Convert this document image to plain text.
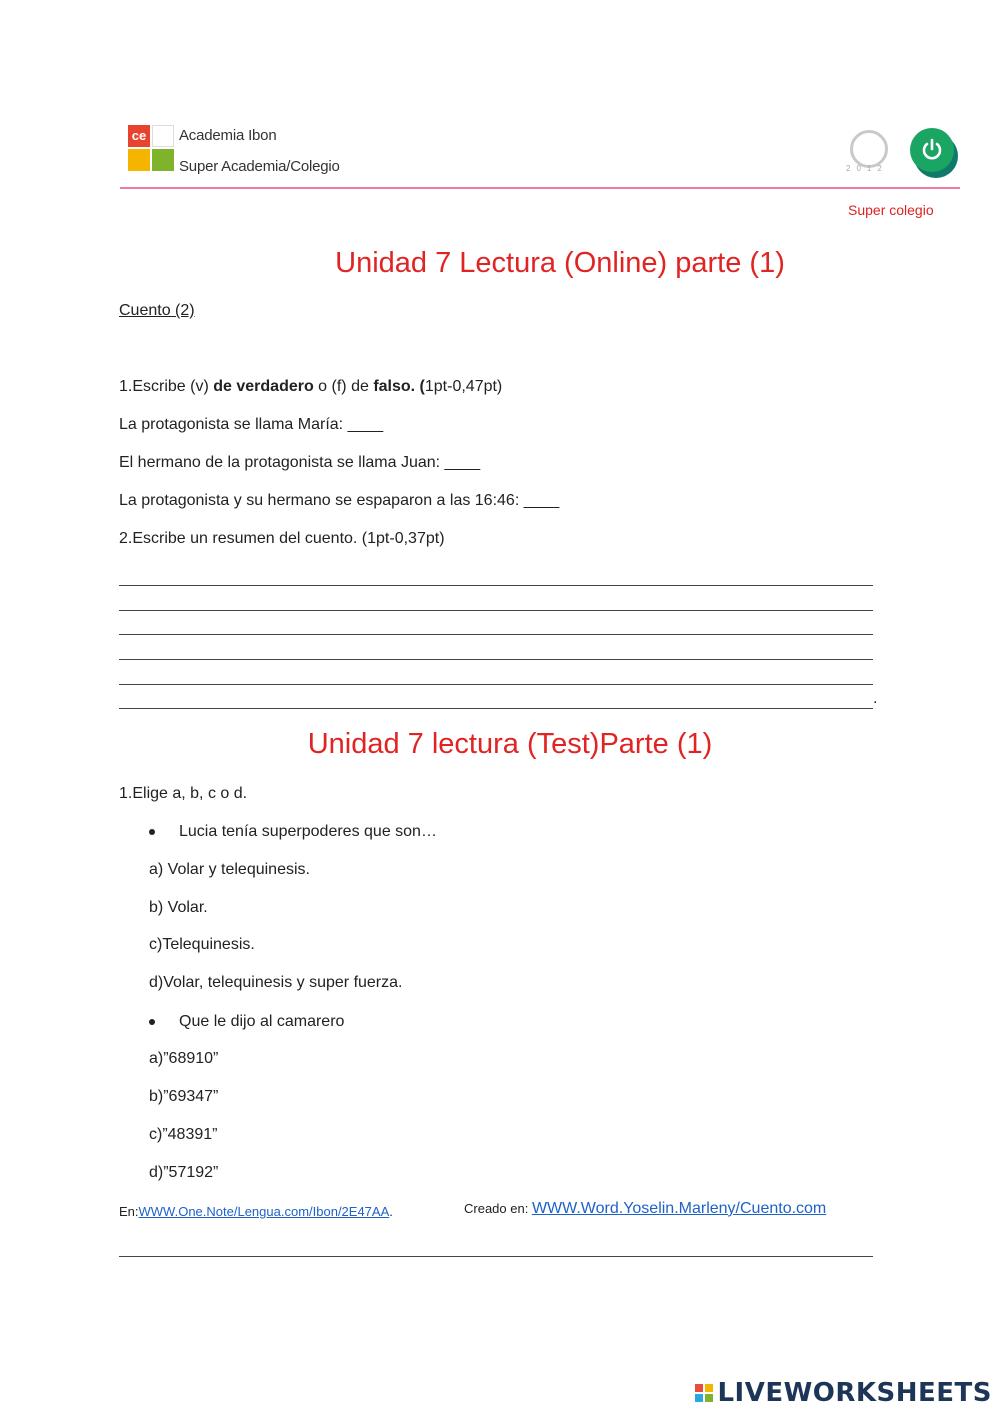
ce Academia Ibon
Super Academia/Colegio	2012
Super colegio
Unidad 7 Lectura (Online) parte (1)
Cuento (2)
1.Escribe (v) de verdadero o (f) de falso. (1pt-0,47pt)
La protagonista se llama María: ____
El hermano de la protagonista se llama Juan: ____
La protagonista y su hermano se espaparon a las 16:46: ____
2.Escribe un resumen del cuento. (1pt-0,37pt)
.
Unidad 7 lectura (Test)Parte (1)
1.Elige a, b, c o d.
Lucia tenía superpoderes que son…
a) Volar y telequinesis.
b) Volar.
c)Telequinesis.
d)Volar, telequinesis y super fuerza.
Que le dijo al camarero
a)”68910”
b)”69347”
c)”48391”
d)”57192”
En:WWW.One.Note/Lengua.com/Ibon/2E47AA.	Creado en: WWW.Word.Yoselin.Marleny/Cuento.com
LIVEWORKSHEETS
